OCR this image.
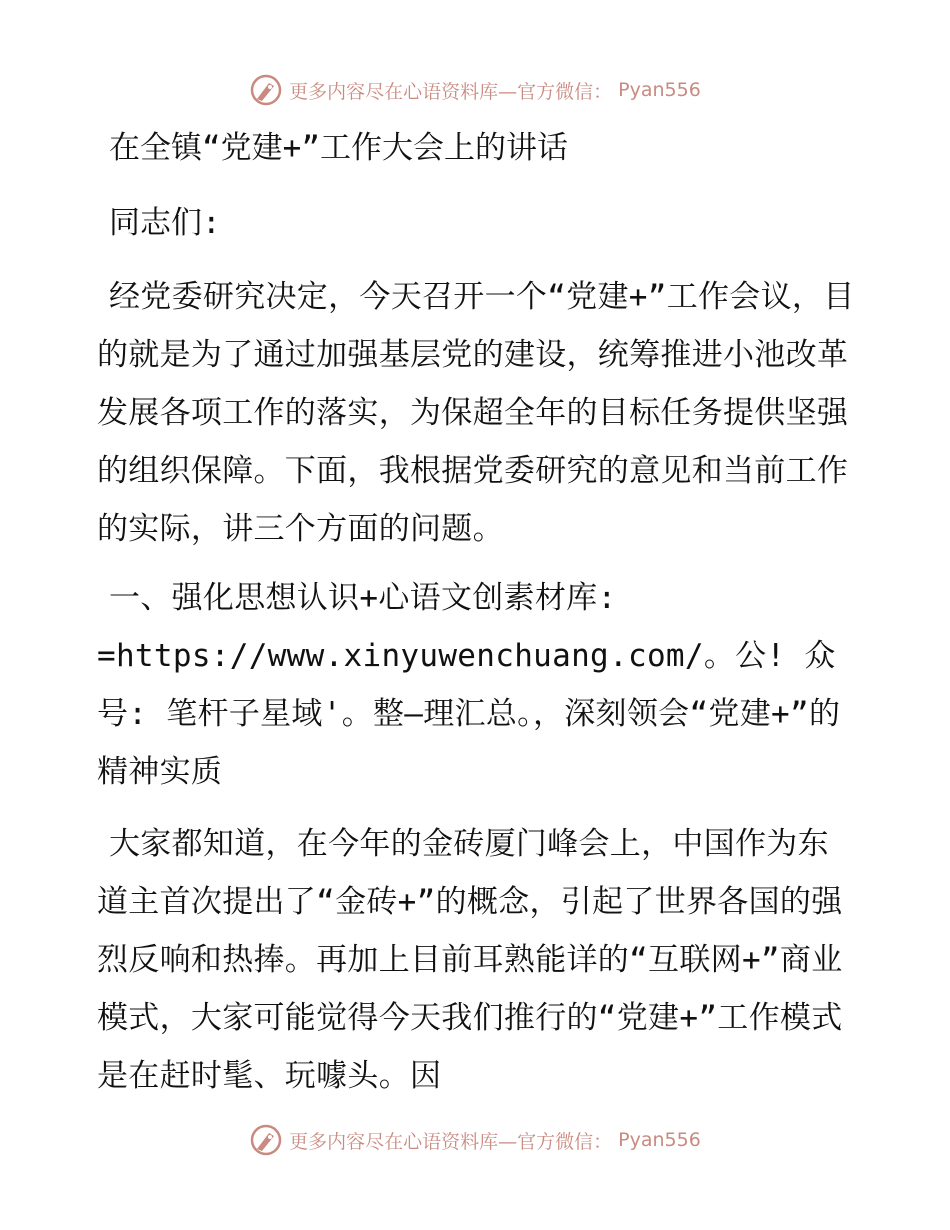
更多内容尽在心语资料库—官方微信： Pyan556
在全镇“党建+”工作大会上的讲话

同志们:

经党委研究决定，今天召开一个“党建+”工作会议，目的就是为了通过加强基层党的建设，统筹推进小池改革发展各项工作的落实，为保超全年的目标任务提供坚强的组织保障。下面，我根据党委研究的意见和当前工作的实际，讲三个方面的问题。

一、强化思想认识+心语文创素材库: =https://www.xinyuwenchuang.com/。公! 众号: 笔杆子星域'。整—理汇总。，深刻领会“党建+”的精神实质

大家都知道，在今年的金砖厦门峰会上，中国作为东道主首次提出了“金砖+”的概念，引起了世界各国的强烈反响和热捧。再加上目前耳熟能详的“互联网+”商业模式，大家可能觉得今天我们推行的“党建+”工作模式是在赶时髦、玩噱头。因

更多内容尽在心语资料库—官方微信： Pyan556
